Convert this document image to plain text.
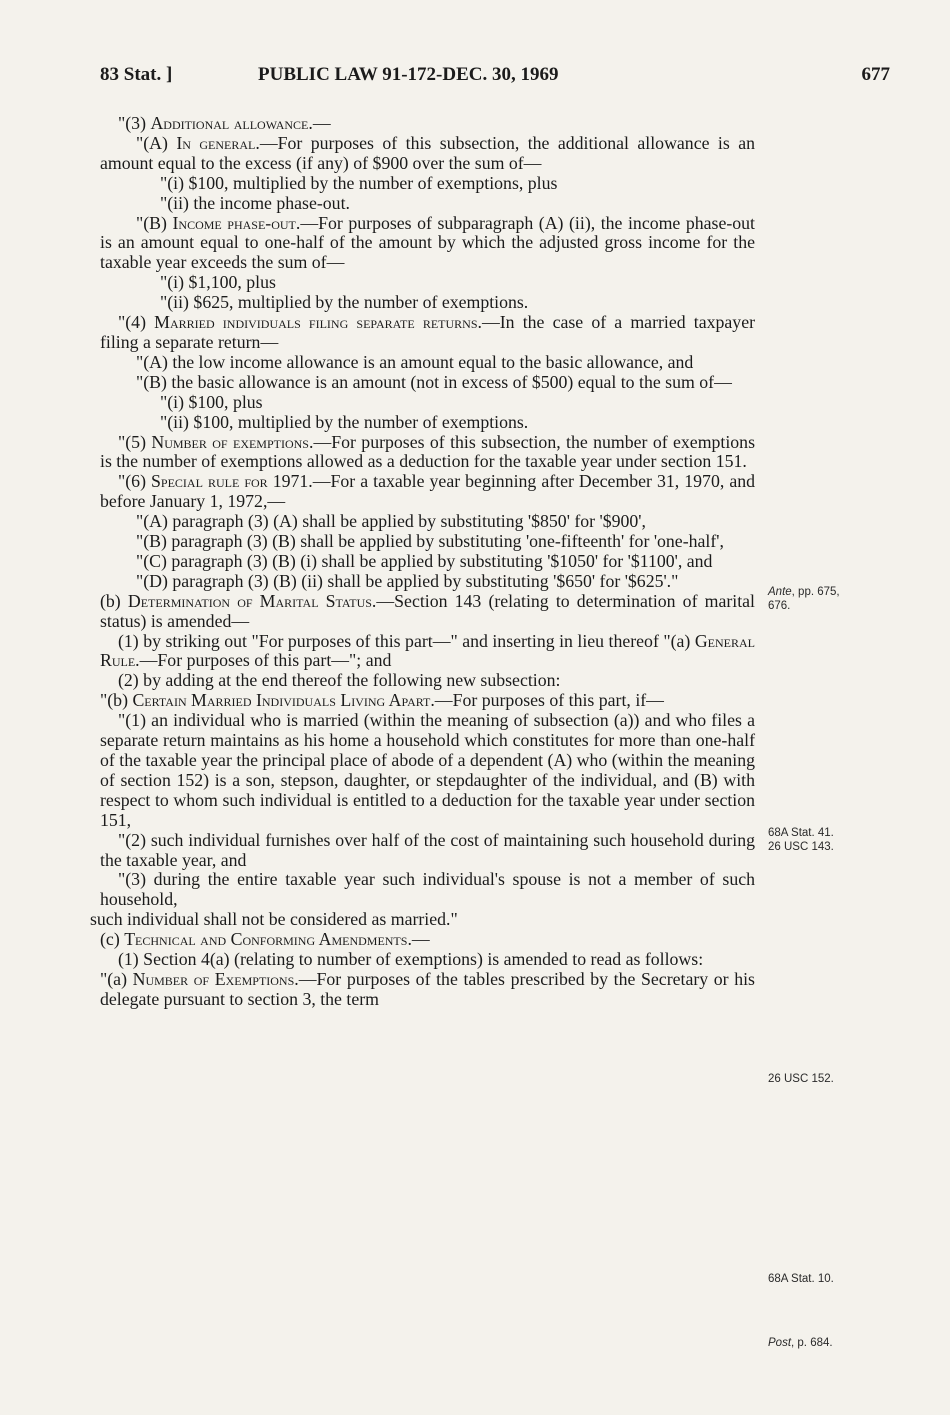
83 Stat. ]	PUBLIC LAW 91-172-DEC. 30, 1969	677

"(3) Additional allowance.—

"(A) In general.—For purposes of this subsection, the additional allowance is an amount equal to the excess (if any) of $900 over the sum of—

"(i) $100, multiplied by the number of exemptions, plus

"(ii) the income phase-out.

"(B) Income phase-out.—For purposes of subparagraph (A) (ii), the income phase-out is an amount equal to one-half of the amount by which the adjusted gross income for the taxable year exceeds the sum of—

"(i) $1,100, plus

"(ii) $625, multiplied by the number of exemptions.

"(4) Married individuals filing separate returns.—In the case of a married taxpayer filing a separate return—

"(A) the low income allowance is an amount equal to the basic allowance, and

"(B) the basic allowance is an amount (not in excess of $500) equal to the sum of—

"(i) $100, plus

"(ii) $100, multiplied by the number of exemptions.

"(5) Number of exemptions.—For purposes of this subsection, the number of exemptions is the number of exemptions allowed as a deduction for the taxable year under section 151.

"(6) Special rule for 1971.—For a taxable year beginning after December 31, 1970, and before January 1, 1972,—

"(A) paragraph (3) (A) shall be applied by substituting '$850' for '$900',

"(B) paragraph (3) (B) shall be applied by substituting 'one-fifteenth' for 'one-half',

"(C) paragraph (3) (B) (i) shall be applied by substituting '$1050' for '$1100', and

"(D) paragraph (3) (B) (ii) shall be applied by substituting '$650' for '$625'."

(b) Determination of Marital Status.—Section 143 (relating to determination of marital status) is amended—

(1) by striking out "For purposes of this part—" and inserting in lieu thereof "(a) General Rule.—For purposes of this part—"; and

(2) by adding at the end thereof the following new subsection:

"(b) Certain Married Individuals Living Apart.—For purposes of this part, if—

"(1) an individual who is married (within the meaning of subsection (a)) and who files a separate return maintains as his home a household which constitutes for more than one-half of the taxable year the principal place of abode of a dependent (A) who (within the meaning of section 152) is a son, stepson, daughter, or stepdaughter of the individual, and (B) with respect to whom such individual is entitled to a deduction for the taxable year under section 151,

"(2) such individual furnishes over half of the cost of maintaining such household during the taxable year, and

"(3) during the entire taxable year such individual's spouse is not a member of such household,

such individual shall not be considered as married."

(c) Technical and Conforming Amendments.—

(1) Section 4(a) (relating to number of exemptions) is amended to read as follows:

"(a) Number of Exemptions.—For purposes of the tables prescribed by the Secretary or his delegate pursuant to section 3, the term

Ante, pp. 675,
676.
68A Stat. 41.
26 USC 143.
26 USC 152.
68A Stat. 10.
Post, p. 684.
